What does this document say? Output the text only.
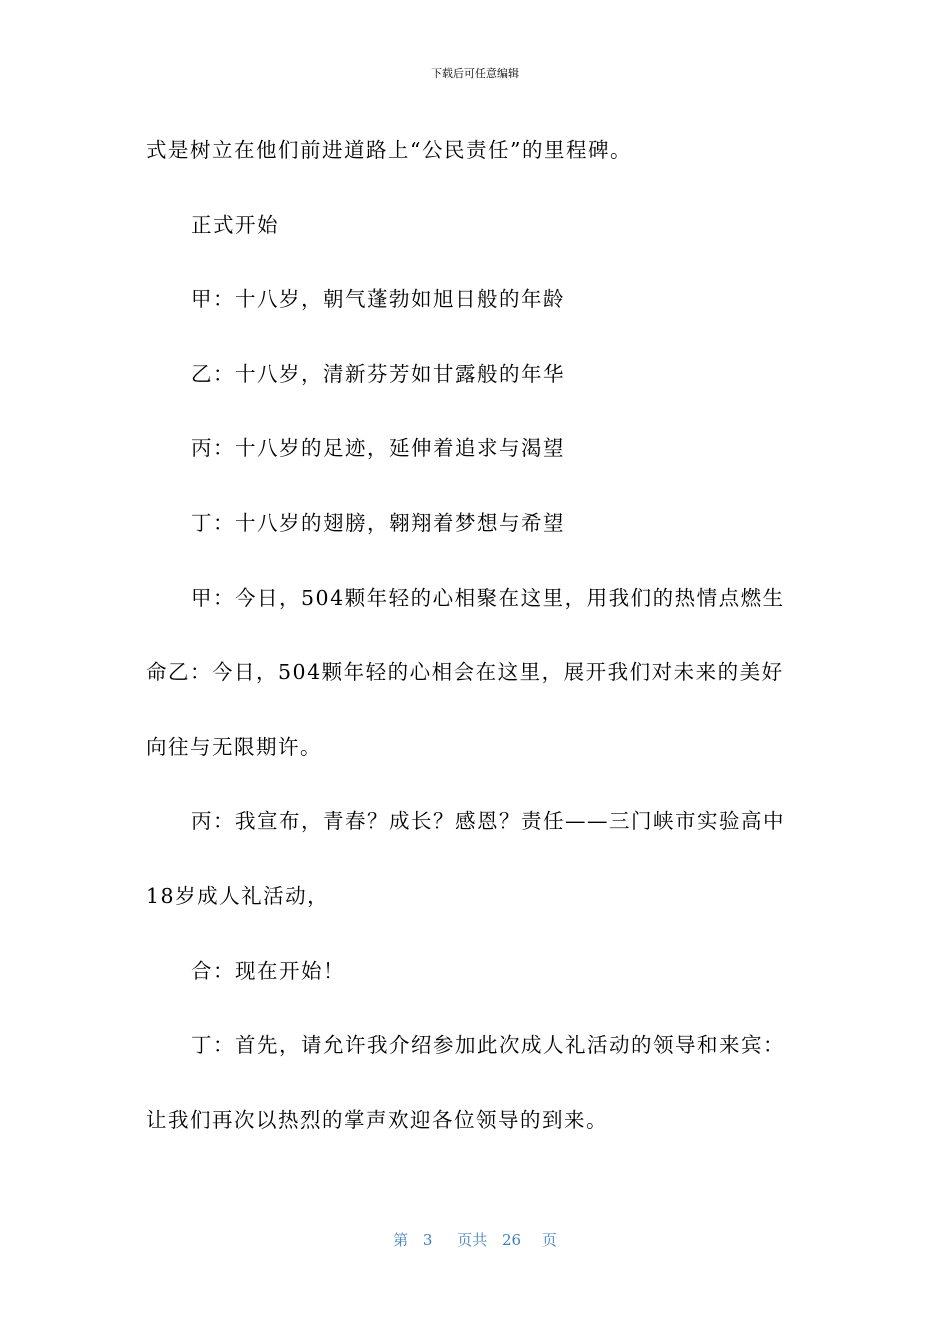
下载后可任意编辑
式是树立在他们前进道路上“公民责任”的里程碑。
正式开始
甲：十八岁，朝气蓬勃如旭日般的年龄
乙：十八岁，清新芬芳如甘露般的年华
丙：十八岁的足迹，延伸着追求与渴望
丁：十八岁的翅膀，翱翔着梦想与希望
甲：今日，504颗年轻的心相聚在这里，用我们的热情点燃生
命乙：今日，504颗年轻的心相会在这里，展开我们对未来的美好
向往与无限期许。
丙：我宣布，青春？成长？感恩？责任——三门峡市实验高中
18岁成人礼活动，
合：现在开始！
丁：首先，请允许我介绍参加此次成人礼活动的领导和来宾：
让我们再次以热烈的掌声欢迎各位领导的到来。
第 3 页共 26 页
